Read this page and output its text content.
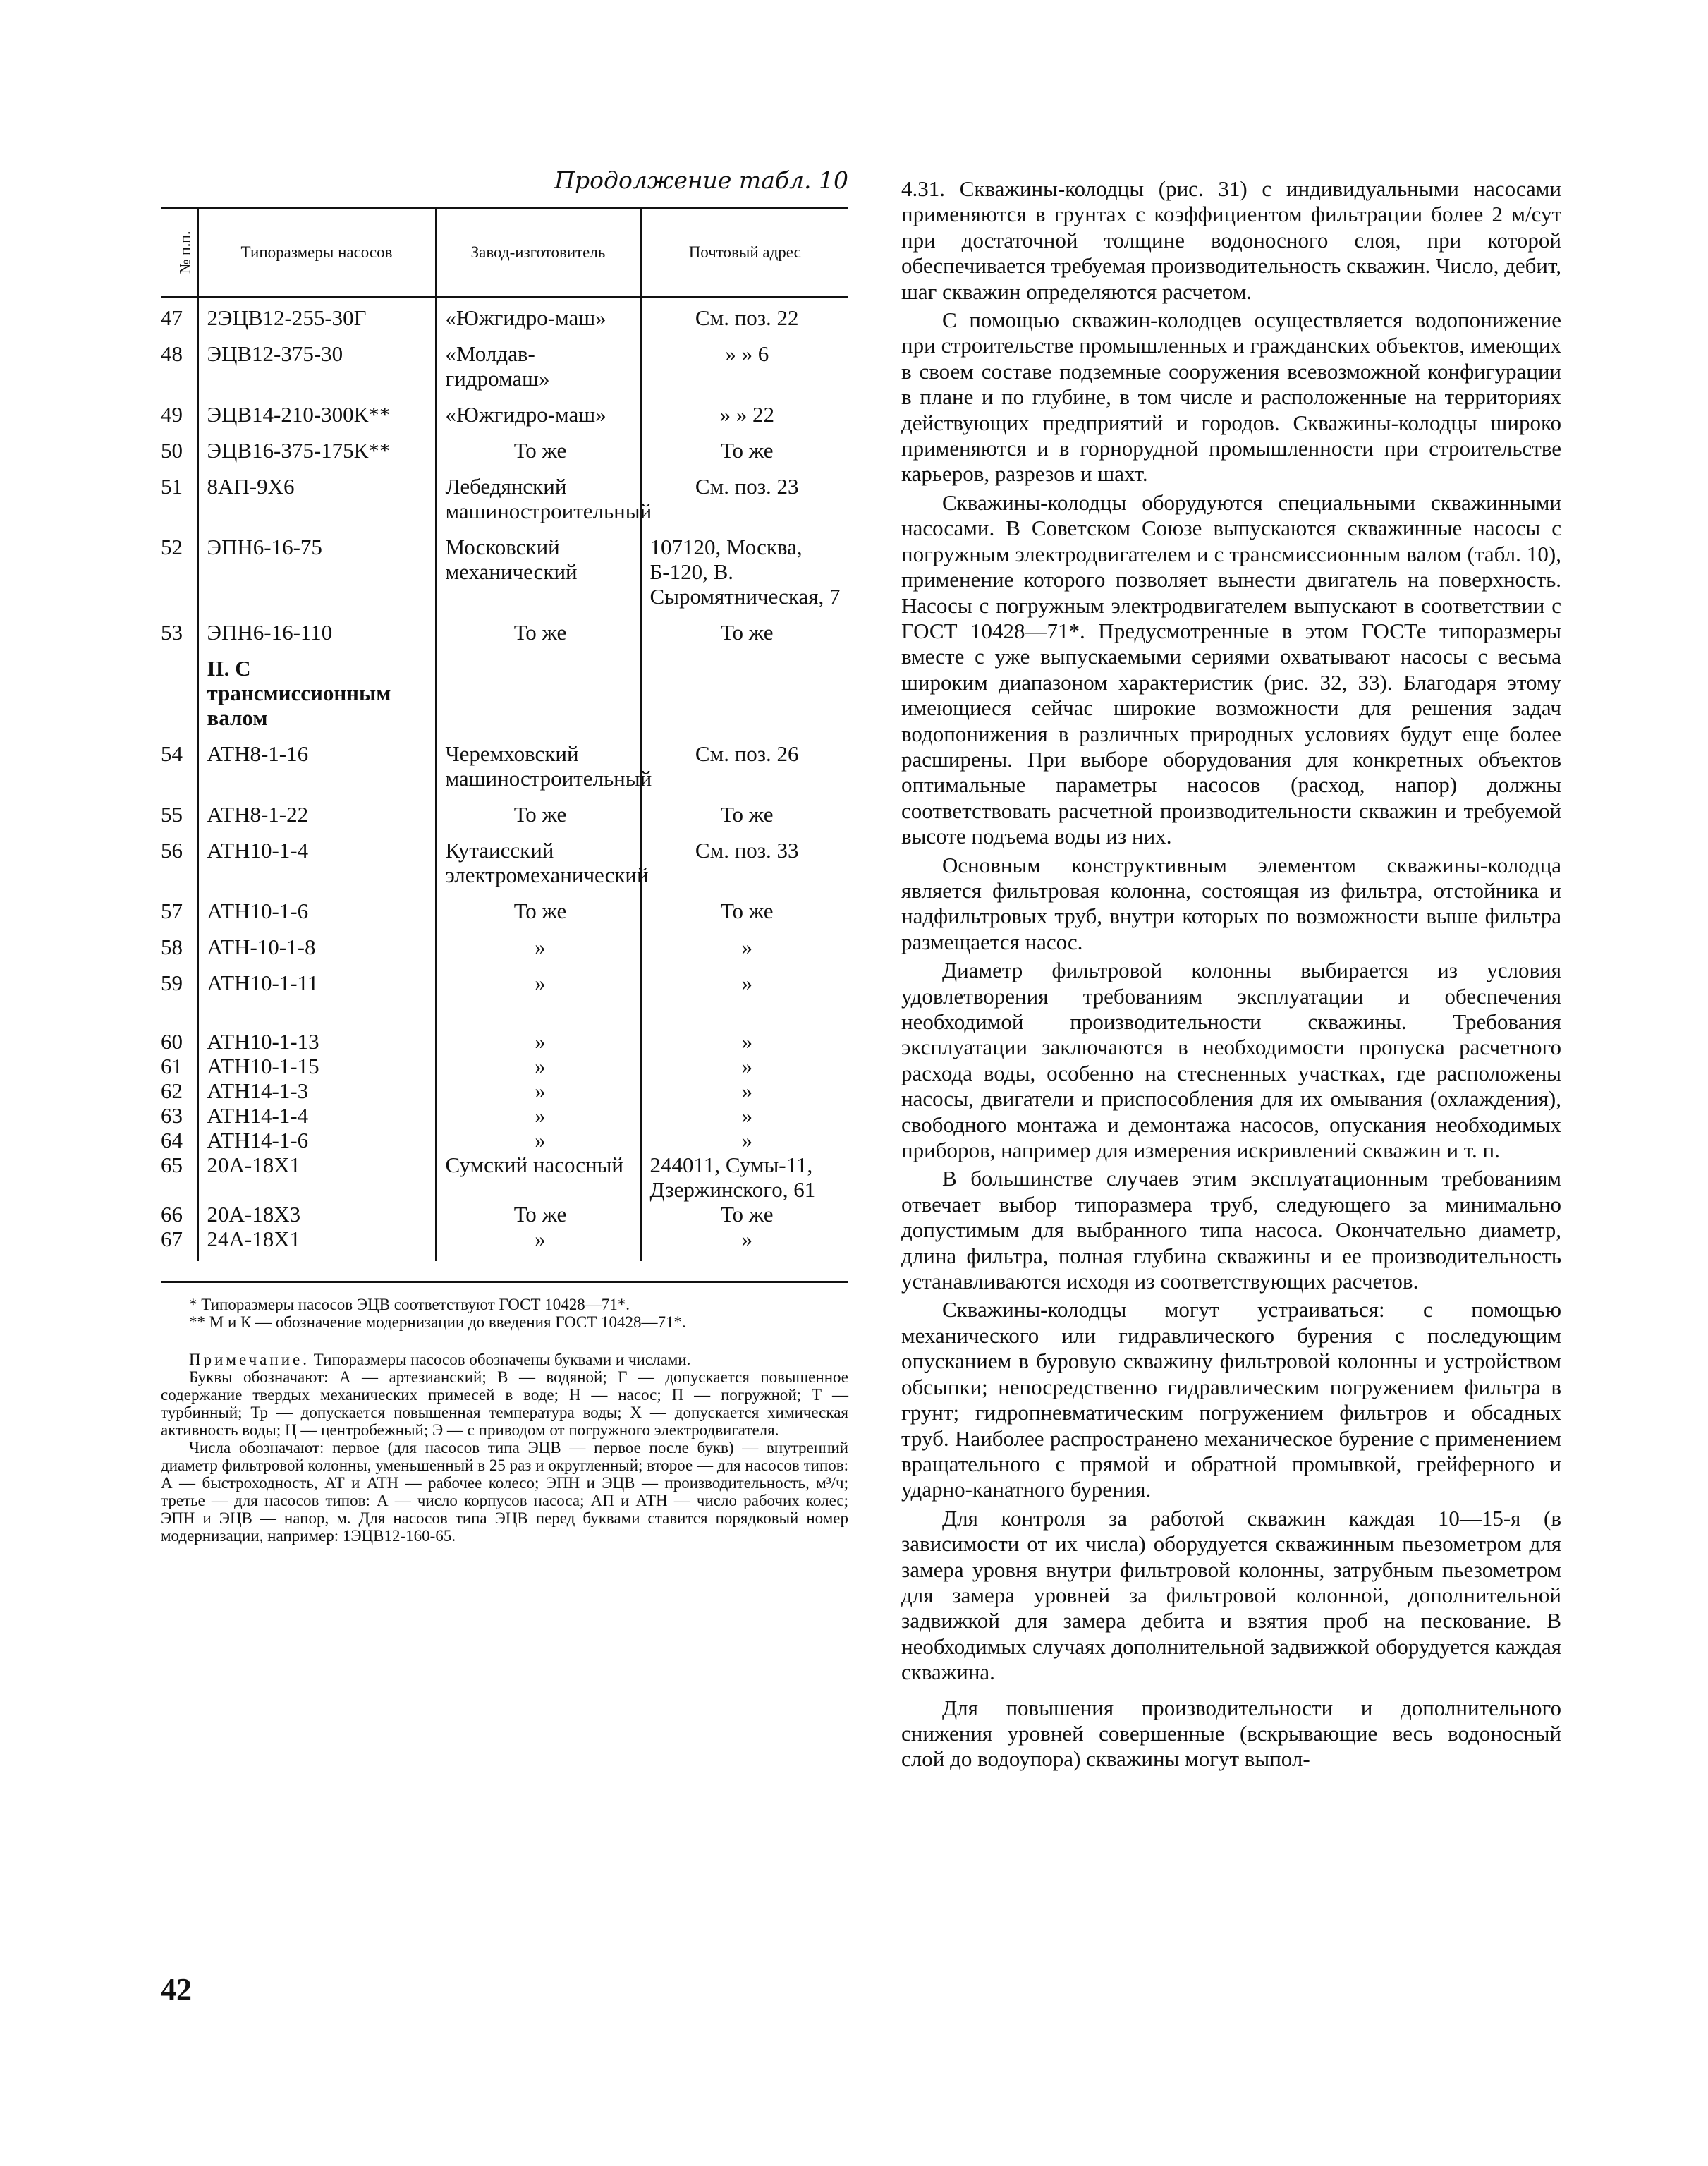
Продолжение табл. 10
№ п.п.	Типоразмеры насосов	Завод-изготовитель	Почтовый адрес
47	2ЭЦВ12-255-30Г	«Южгидро-маш»	См. поз. 22
48	ЭЦВ12-375-30	«Молдав-гидромаш»	» » 6
49	ЭЦВ14-210-300К**	«Южгидро-маш»	» » 22
50	ЭЦВ16-375-175К**	То же	То же
51	8АП-9Х6	Лебедянский машиностроительный	См. поз. 23
52	ЭПН6-16-75	Московский механический	107120, Москва, Б-120, В. Сыромятническая, 7
53	ЭПН6-16-110	То же	То же
	II. С трансмиссионным валом		
54	АТН8-1-16	Черемховский машиностроительный	См. поз. 26
55	АТН8-1-22	То же	То же
56	АТН10-1-4	Кутаисский электромеханический	См. поз. 33
57	АТН10-1-6	То же	То же
58	АТН-10-1-8	»	»
59	АТН10-1-11	»	»
60	АТН10-1-13	»	»
61	АТН10-1-15	»	»
62	АТН14-1-3	»	»
63	АТН14-1-4	»	»
64	АТН14-1-6	»	»
65	20А-18Х1	Сумский насосный	244011, Сумы-11, Дзержинского, 61
66	20А-18Х3	То же	То же
67	24А-18Х1	»	»

* Типоразмеры насосов ЭЦВ соответствуют ГОСТ 10428—71*.

** М и К — обозначение модернизации до введения ГОСТ 10428—71*.

Примечание. Типоразмеры насосов обозначены буквами и числами.

Буквы обозначают: А — артезианский; В — водяной; Г — допускается повышенное содержание твердых механических примесей в воде; Н — насос; П — погружной; Т — турбинный; Тр — допускается повышенная температура воды; Х — допускается химическая активность воды; Ц — центробежный; Э — с приводом от погружного электродвигателя.

Числа обозначают: первое (для насосов типа ЭЦВ — первое после букв) — внутренний диаметр фильтровой колонны, уменьшенный в 25 раз и округленный; второе — для насосов типов: А — быстроходность, АТ и АТН — рабочее колесо; ЭПН и ЭЦВ — производительность, м³/ч; третье — для насосов типов: А — число корпусов насоса; АП и АТН — число рабочих колес; ЭПН и ЭЦВ — напор, м. Для насосов типа ЭЦВ перед буквами ставится порядковый номер модернизации, например: 1ЭЦВ12-160-65.

42

4.31. Скважины-колодцы (рис. 31) с индивидуальными насосами применяются в грунтах с коэффициентом фильтрации более 2 м/сут при достаточной толщине водоносного слоя, при которой обеспечивается требуемая производительность скважин. Число, дебит, шаг скважин определяются расчетом.

С помощью скважин-колодцев осуществляется водопонижение при строительстве промышленных и гражданских объектов, имеющих в своем составе подземные сооружения всевозможной конфигурации в плане и по глубине, в том числе и расположенные на территориях действующих предприятий и городов. Скважины-колодцы широко применяются и в горнорудной промышленности при строительстве карьеров, разрезов и шахт.

Скважины-колодцы оборудуются специальными скважинными насосами. В Советском Союзе выпускаются скважинные насосы с погружным электродвигателем и с трансмиссионным валом (табл. 10), применение которого позволяет вынести двигатель на поверхность. Насосы с погружным электродвигателем выпускают в соответствии с ГОСТ 10428—71*. Предусмотренные в этом ГОСТе типоразмеры вместе с уже выпускаемыми сериями охватывают насосы с весьма широким диапазоном характеристик (рис. 32, 33). Благодаря этому имеющиеся сейчас широкие возможности для решения задач водопонижения в различных природных условиях будут еще более расширены. При выборе оборудования для конкретных объектов оптимальные параметры насосов (расход, напор) должны соответствовать расчетной производительности скважин и требуемой высоте подъема воды из них.

Основным конструктивным элементом скважины-колодца является фильтровая колонна, состоящая из фильтра, отстойника и надфильтровых труб, внутри которых по возможности выше фильтра размещается насос.

Диаметр фильтровой колонны выбирается из условия удовлетворения требованиям эксплуатации и обеспечения необходимой производительности скважины. Требования эксплуатации заключаются в необходимости пропуска расчетного расхода воды, особенно на стесненных участках, где расположены насосы, двигатели и приспособления для их омывания (охлаждения), свободного монтажа и демонтажа насосов, опускания необходимых приборов, например для измерения искривлений скважин и т. п.

В большинстве случаев этим эксплуатационным требованиям отвечает выбор типоразмера труб, следующего за минимально допустимым для выбранного типа насоса. Окончательно диаметр, длина фильтра, полная глубина скважины и ее производительность устанавливаются исходя из соответствующих расчетов.

Скважины-колодцы могут устраиваться: с помощью механического или гидравлического бурения с последующим опусканием в буровую скважину фильтровой колонны и устройством обсыпки; непосредственно гидравлическим погружением фильтра в грунт; гидропневматическим погружением фильтров и обсадных труб. Наиболее распространено механическое бурение с применением вращательного с прямой и обратной промывкой, грейферного и ударно-канатного бурения.

Для контроля за работой скважин каждая 10—15-я (в зависимости от их числа) оборудуется скважинным пьезометром для замера уровня внутри фильтровой колонны, затрубным пьезометром для замера уровней за фильтровой колонной, дополнительной задвижкой для замера дебита и взятия проб на пескование. В необходимых случаях дополнительной задвижкой оборудуется каждая скважина.

Для повышения производительности и дополнительного снижения уровней совершенные (вскрывающие весь водоносный слой до водоупора) скважины могут выпол-
